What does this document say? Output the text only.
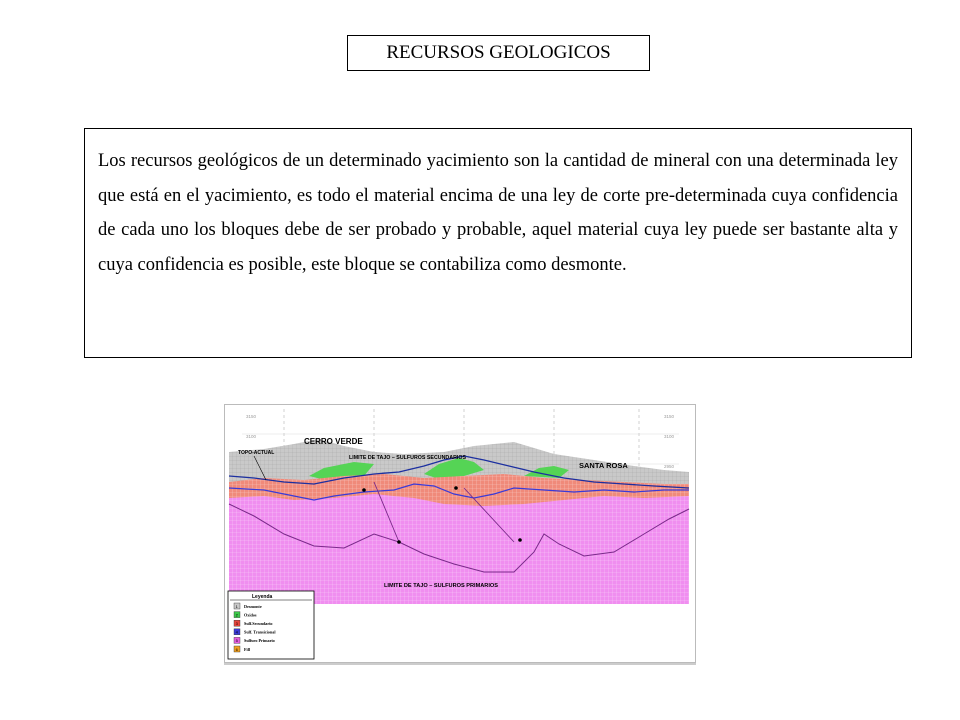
RECURSOS GEOLOGICOS

Los recursos geológicos de un determinado yacimiento son la cantidad de mineral con una determinada ley que está en el yacimiento, es todo el material encima de una ley de corte pre-determinada cuya confidencia de cada uno los bloques debe de ser probado y probable, aquel material cuya ley puede ser bastante alta y cuya confidencia es posible, este bloque se contabiliza como desmonte.

3150	3150
3100	3100
2950
CERRO VERDE
SANTA ROSA
TOPO-ACTUAL
LIMITE DE TAJO – SULFUROS SECUNDARIOS
LIMITE DE TAJO – SULFUROS PRIMARIOS
Leyenda
1 Desmonte
2 Oxidos
3 Sulf.Secundario
4 Sulf. Transicional
5 Sulfuro Primario
6 Fill
